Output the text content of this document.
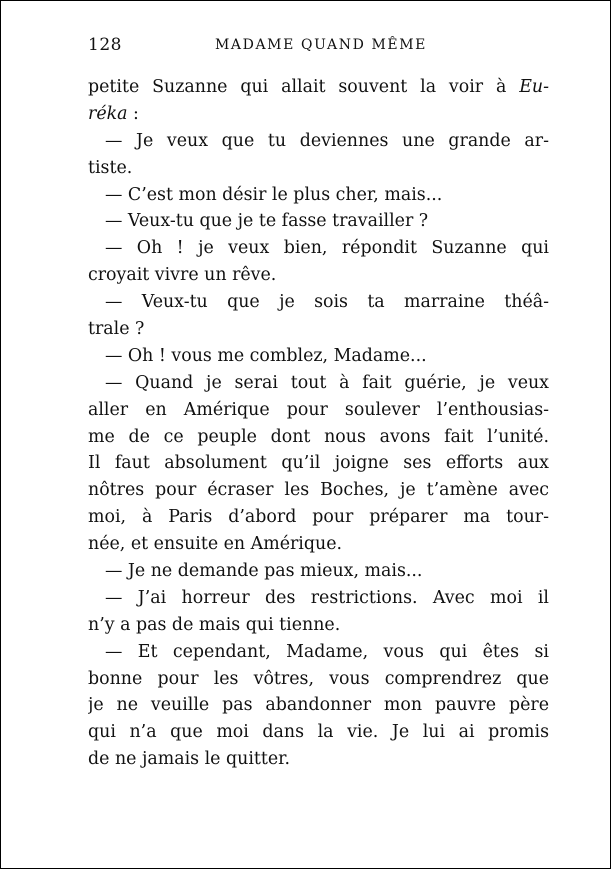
128	MADAME QUAND MÊME
petite Suzanne qui allait souvent la voir à Eu-
réka :
— Je veux que tu deviennes une grande ar-
tiste.
— C’est mon désir le plus cher, mais...
— Veux-tu que je te fasse travailler ?
— Oh ! je veux bien, répondit Suzanne qui
croyait vivre un rêve.
— Veux-tu que je sois ta marraine théâ-
trale ?
— Oh ! vous me comblez, Madame...
— Quand je serai tout à fait guérie, je veux
aller en Amérique pour soulever l’enthousias-
me de ce peuple dont nous avons fait l’unité.
Il faut absolument qu’il joigne ses efforts aux
nôtres pour écraser les Boches, je t’amène avec
moi, à Paris d’abord pour préparer ma tour-
née, et ensuite en Amérique.
— Je ne demande pas mieux, mais...
— J’ai horreur des restrictions. Avec moi il
n’y a pas de mais qui tienne.
— Et cependant, Madame, vous qui êtes si
bonne pour les vôtres, vous comprendrez que
je ne veuille pas abandonner mon pauvre père
qui n’a que moi dans la vie. Je lui ai promis
de ne jamais le quitter.
